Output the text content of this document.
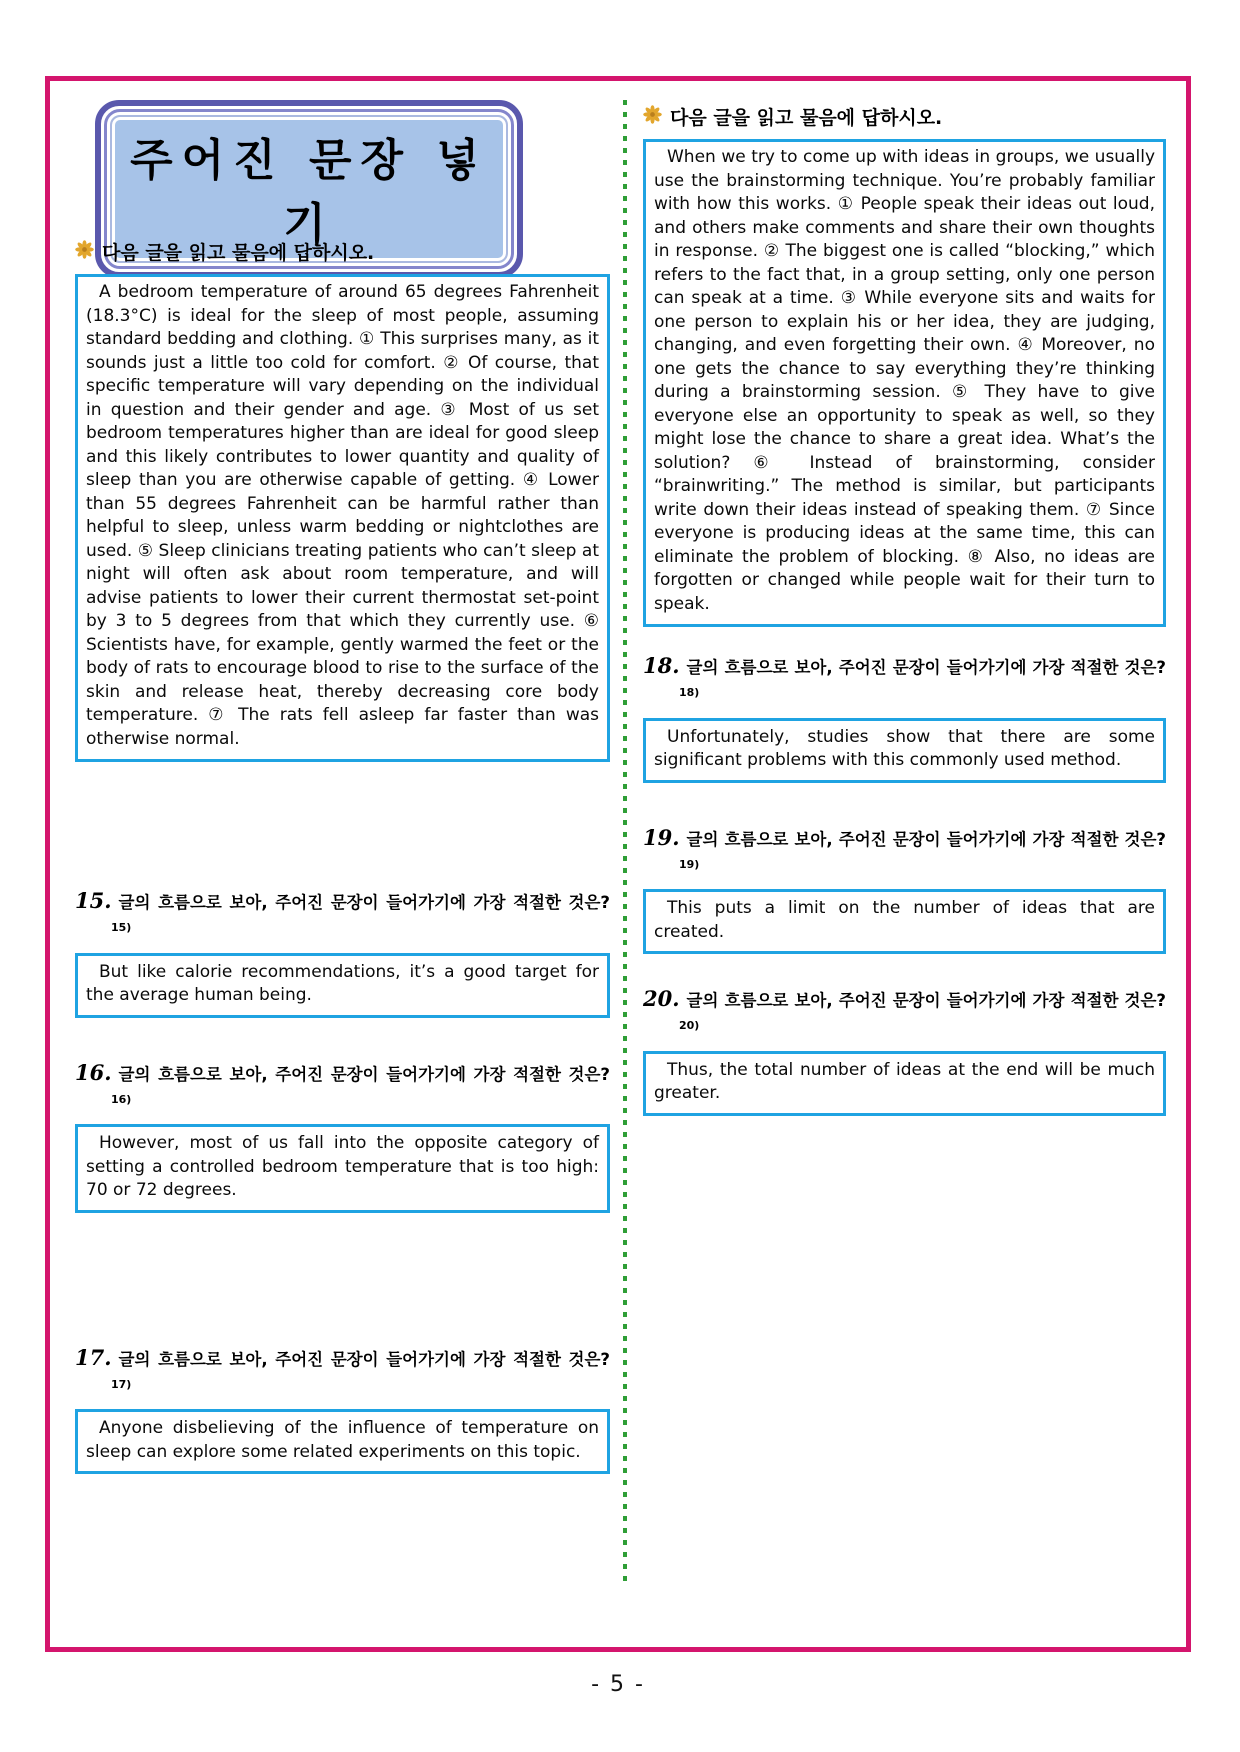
주어진 문장 넣기
다음 글을 읽고 물음에 답하시오.

A bedroom temperature of around 65 degrees Fahrenheit (18.3°C) is ideal for the sleep of most people, assuming standard bedding and clothing. ① This surprises many, as it sounds just a little too cold for comfort. ② Of course, that specific temperature will vary depending on the individual in question and their gender and age. ③ Most of us set bedroom temperatures higher than are ideal for good sleep and this likely contributes to lower quantity and quality of sleep than you are otherwise capable of getting. ④ Lower than 55 degrees Fahrenheit can be harmful rather than helpful to sleep, unless warm bedding or nightclothes are used. ⑤ Sleep clinicians treating patients who can’t sleep at night will often ask about room temperature, and will advise patients to lower their current thermostat set-point by 3 to 5 degrees from that which they currently use. ⑥ Scientists have, for example, gently warmed the feet or the body of rats to encourage blood to rise to the surface of the skin and release heat, thereby decreasing core body temperature. ⑦ The rats fell asleep far faster than was otherwise normal.

15. 글의 흐름으로 보아, 주어진 문장이 들어가기에 가장 적절한 것은?$^{15)}$

But like calorie recommendations, it’s a good target for the average human being.

16. 글의 흐름으로 보아, 주어진 문장이 들어가기에 가장 적절한 것은?$^{16)}$

However, most of us fall into the opposite category of setting a controlled bedroom temperature that is too high: 70 or 72 degrees.

17. 글의 흐름으로 보아, 주어진 문장이 들어가기에 가장 적절한 것은?$^{17)}$

Anyone disbelieving of the influence of temperature on sleep can explore some related experiments on this topic.

다음 글을 읽고 물음에 답하시오.

When we try to come up with ideas in groups, we usually use the brainstorming technique. You’re probably familiar with how this works. ① People speak their ideas out loud, and others make comments and share their own thoughts in response. ② The biggest one is called “blocking,” which refers to the fact that, in a group setting, only one person can speak at a time. ③ While everyone sits and waits for one person to explain his or her idea, they are judging, changing, and even forgetting their own. ④ Moreover, no one gets the chance to say everything they’re thinking during a brainstorming session. ⑤ They have to give everyone else an opportunity to speak as well, so they might lose the chance to share a great idea. What’s the solution? ⑥ Instead of brainstorming, consider “brainwriting.” The method is similar, but participants write down their ideas instead of speaking them. ⑦ Since everyone is producing ideas at the same time, this can eliminate the problem of blocking. ⑧ Also, no ideas are forgotten or changed while people wait for their turn to speak.

18. 글의 흐름으로 보아, 주어진 문장이 들어가기에 가장 적절한 것은?$^{18)}$

Unfortunately, studies show that there are some significant problems with this commonly used method.

19. 글의 흐름으로 보아, 주어진 문장이 들어가기에 가장 적절한 것은?$^{19)}$

This puts a limit on the number of ideas that are created.

20. 글의 흐름으로 보아, 주어진 문장이 들어가기에 가장 적절한 것은?$^{20)}$

Thus, the total number of ideas at the end will be much greater.

- 5 -
